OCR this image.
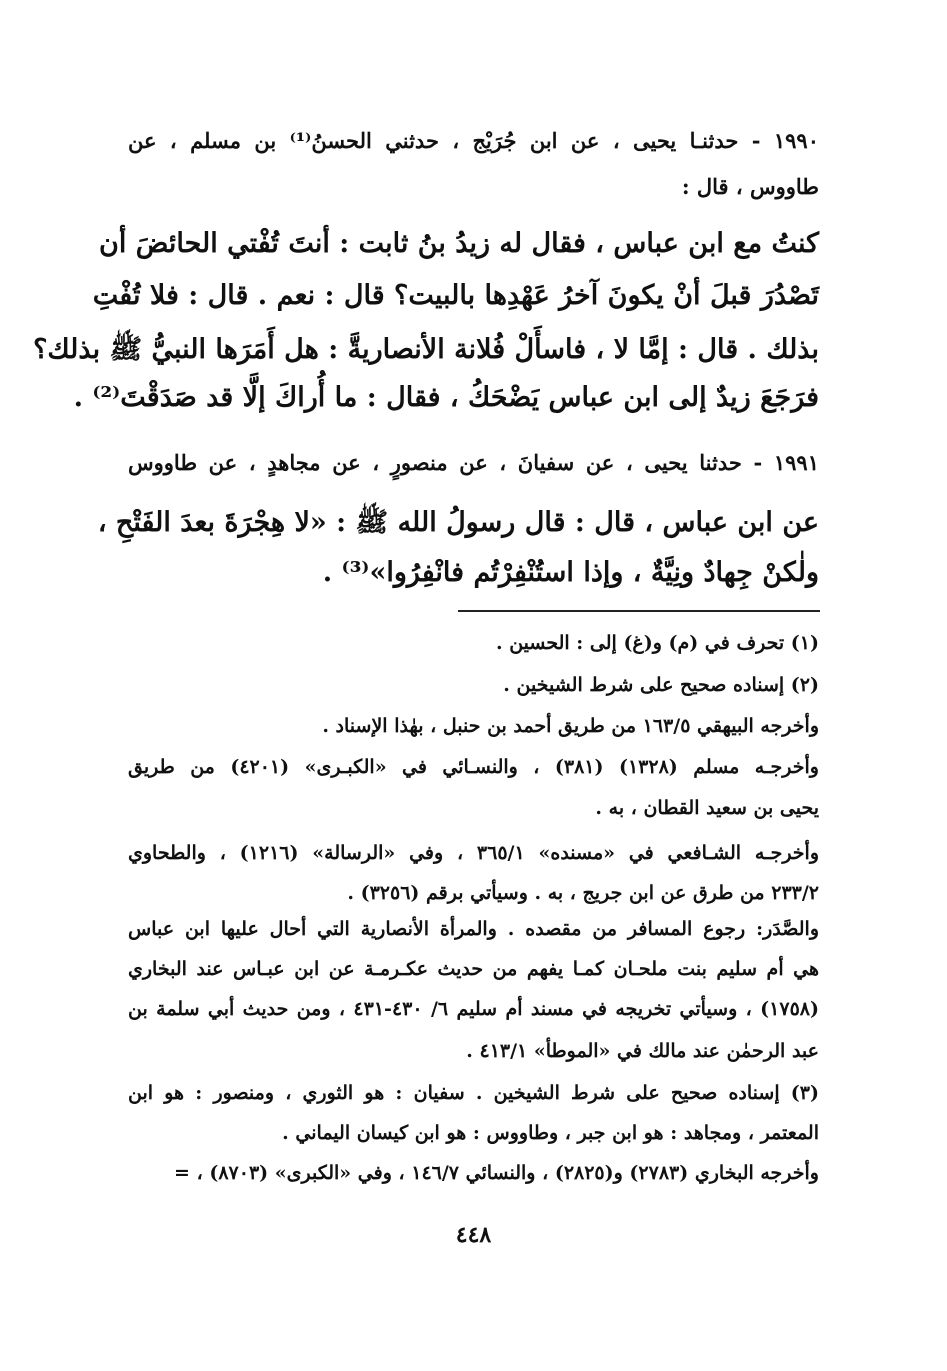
١٩٩٠ - حدثنـا يحيى ، عن ابن جُرَيْج ، حدثني الحسنُ⁽¹⁾ بن مسلم ، عن
طاووس ، قال :
كنتُ مع ابن عباس ، فقال له زيدُ بنُ ثابت : أنتَ تُفْتي الحائضَ أن
تَصْدُرَ قبلَ أنْ يكونَ آخرُ عَهْدِها بالبيت؟ قال : نعم . قال : فلا تُفْتِ
بذلك . قال : إمَّا لا ، فاسأَلْ فُلانة الأنصاريةَّ : هل أَمَرَها النبيُّ ﷺ بذلك؟
فرَجَعَ زيدٌ إلى ابن عباس يَضْحَكُ ، فقال : ما أُراكَ إلَّا قد صَدَقْتَ⁽²⁾ .
١٩٩١ - حدثنا يحيى ، عن سفيانَ ، عن منصورٍ ، عن مجاهدٍ ، عن طاووس
عن ابن عباس ، قال : قال رسولُ الله ﷺ : «لا هِجْرَةَ بعدَ الفَتْحِ ،
ولٰكنْ جِهادٌ ونِيَّةٌ ، وإذا استُنْفِرْتُم فانْفِرُوا»⁽³⁾ .
(١) تحرف في (م) و(غ) إلى : الحسين .
(٢) إسناده صحيح على شرط الشيخين .
وأخرجه البيهقي ١٦٣/٥ من طريق أحمد بن حنبل ، بهٰذا الإسناد .
وأخرجـه مسلم (١٣٢٨) (٣٨١) ، والنسـائي في «الكبـرى» (٤٢٠١) من طريق
يحيى بن سعيد القطان ، به .
وأخرجـه الشـافعي في «مسنده» ٣٦٥/١ ، وفي «الرسالة» (١٢١٦) ، والطحاوي
٢٣٣/٢ من طرق عن ابن جريج ، به . وسيأتي برقم (٣٢٥٦) .
والصَّدَر: رجوع المسافر من مقصده . والمرأة الأنصارية التي أحال عليها ابن عباس
هي أم سليم بنت ملحـان كمـا يفهم من حديث عكـرمـة عن ابن عبـاس عند البخاري
(١٧٥٨) ، وسيأتي تخريجه في مسند أم سليم ٦/ ٤٣٠-٤٣١ ، ومن حديث أبي سلمة بن
عبد الرحمٰن عند مالك في «الموطأ» ٤١٣/١ .
(٣) إسناده صحيح على شرط الشيخين . سفيان : هو الثوري ، ومنصور : هو ابن
المعتمر ، ومجاهد : هو ابن جبر ، وطاووس : هو ابن كيسان اليماني .
وأخرجه البخاري (٢٧٨٣) و(٢٨٢٥) ، والنسائي ١٤٦/٧ ، وفي «الكبرى» (٨٧٠٣) ، =
٤٤٨
